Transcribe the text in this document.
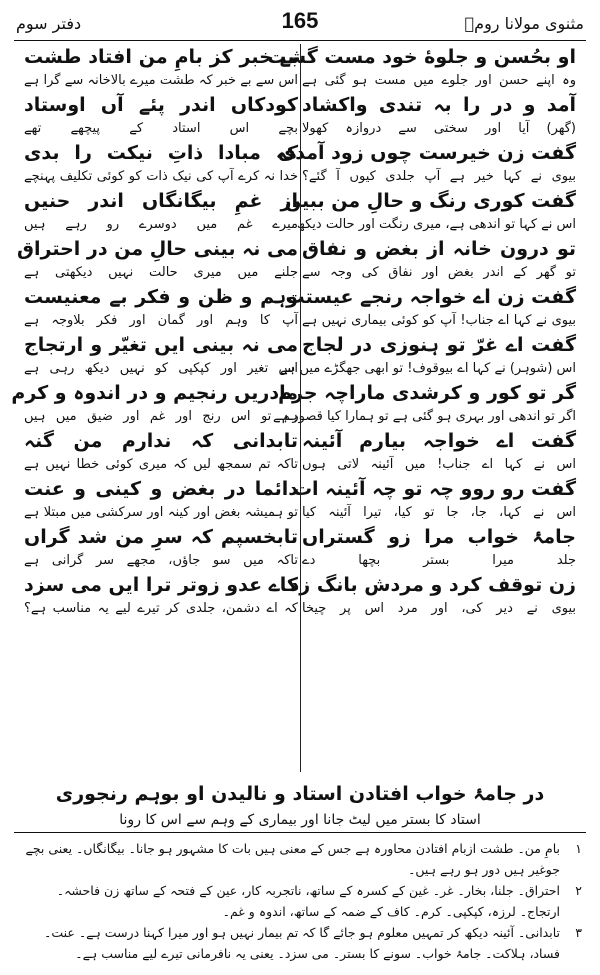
مثنوی مولانا رومؒ
165
دفتر سوم
او بحُسن و جلوهٔ خود مست گشت
وہ اپنے حسن اور جلوے میں مست ہو گئی ہے
آمد و در را بہ تندی واکشاد
(گھر) آیا اور سختی سے دروازہ کھولا
گفت زن خیرست چوں زود آمدی
بیوی نے کہا خیر ہے آپ جلدی کیوں آ گئے؟
گفت کوری رنگ و حالِ من ببیں
اس نے کہا تو اندھی ہے، میری رنگت اور حالت دیکھ
تو درون خانہ از بغض و نفاق
تو گھر کے اندر بغض اور نفاق کی وجہ سے
گفت زن اے خواجہ رنجے عیستت
بیوی نے کہا اے جناب! آپ کو کوئی بیماری نہیں ہے
گفت اے غرّ تو ہنوزی در لجاج
اس (شوہر) نے کہا اے بیوقوف! تو ابھی جھگڑے میں ہے
گر تو کور و کرشدی ماراچہ جرم
اگر تو اندھی اور بہری ہو گئی ہے تو ہمارا کیا قصور ہے
گفت اے خواجہ بیارم آئینہ
اس نے کہا اے جناب! میں آئینہ لاتی ہوں
گفت رو روو چہ تو چہ آئینہ ات
اس نے کہا، جا، جا تو کیا، تیرا آئینہ کیا
جامۂ خواب مرا زو گستراں
جلد میرا بستر بچھا دے
زن توقف کرد و مردش بانگ زد
بیوی نے دیر کی، اور مرد اس پر چیخا
بے خبر کز بامِ من افتاد طشت
اس سے بے خبر کہ طشت میرے بالاخانہ سے گرا ہے
کودکاں اندر پئے آں اوستاد
بچے اس استاد کے پیچھے تھے
کہ مبادا ذاتِ نیکت را بدی
خدا نہ کرے آپ کی نیک ذات کو کوئی تکلیف پہنچے
از غمِ بیگانگاں اندر حنیں
میرے غم میں دوسرے رو رہے ہیں
می نہ بینی حالِ من در احتراق
جلنے میں میری حالت نہیں دیکھتی ہے
وہم و ظن و فکر بے معنیست
آپ کا وہم اور گمان اور فکر بلاوجہ ہے
می نہ بینی ایں تغیّر و ارتجاج
اس تغیر اور کپکپی کو نہیں دیکھ رہی ہے
مادریں رنجیم و در اندوہ و کرم
ہم تو اس رنج اور غم اور ضیق میں ہیں
تابدانی کہ ندارم من گنہ
تاکہ تم سمجھ لیں کہ میری کوئی خطا نہیں ہے
دائما در بغض و کینی و عنت
تو ہمیشہ بغض اور کینہ اور سرکشی میں مبتلا ہے
تابخسپم کہ سرِ من شد گراں
تاکہ میں سو جاؤں، مجھے سر گرانی ہے
کاے عدو زوتر ترا ایں می سزد
کہ اے دشمن، جلدی کر تیرے لیے یہ مناسب ہے؟
در جامۂ خواب افتادن استاد و نالیدن او بوہم رنجوری
استاد کا بستر میں لیٹ جانا اور بیماری کے وہم سے اس کا رونا
۱
بامِ من۔ طشت ازبام افتادن محاورہ ہے جس کے معنی ہیں بات کا مشہور ہو جانا۔ بیگانگاں۔ یعنی بچے جوغیر ہیں دور ہو رہے ہیں۔
۲
احتراق۔ جلنا، بخار۔ غر۔ غین کے کسرہ کے ساتھ، ناتجربہ کار، عین کے فتحہ کے ساتھ زن فاحشہ۔ ارتجاج۔ لرزہ، کپکپی۔ کرم۔ کاف کے ضمہ کے ساتھ، اندوہ و غم۔
۳
تابدانی۔ آئینہ دیکھ کر تمہیں معلوم ہو جائے گا کہ تم بیمار نہیں ہو اور میرا کہنا درست ہے۔ عنت۔ فساد، ہلاکت۔ جامۂ خواب۔ سونے کا بستر۔ می سزد۔ یعنی یہ نافرمانی تیرے لیے مناسب ہے۔
